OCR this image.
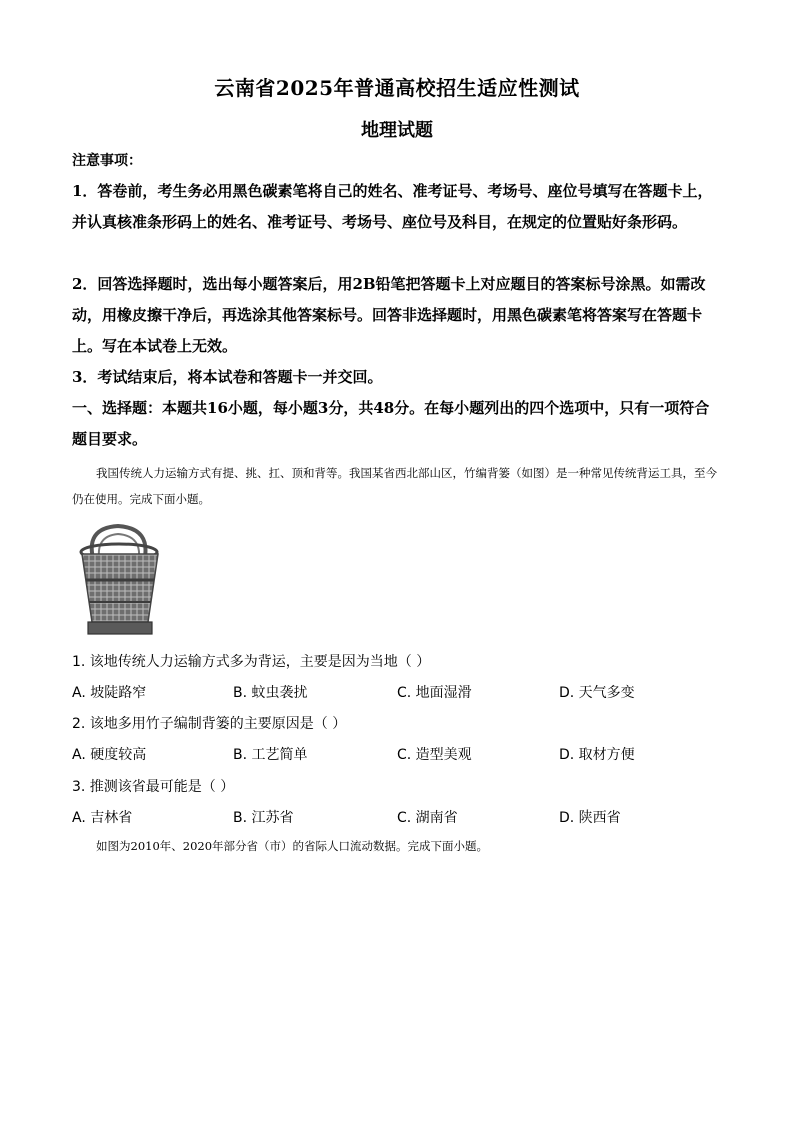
云南省2025年普通高校招生适应性测试
地理试题
注意事项：
1．答卷前，考生务必用黑色碳素笔将自己的姓名、准考证号、考场号、座位号填写在答题卡上，并认真核准条形码上的姓名、准考证号、考场号、座位号及科目，在规定的位置贴好条形码。
2．回答选择题时，选出每小题答案后，用2B铅笔把答题卡上对应题目的答案标号涂黑。如需改动，用橡皮擦干净后，再选涂其他答案标号。回答非选择题时，用黑色碳素笔将答案写在答题卡上。写在本试卷上无效。
3．考试结束后，将本试卷和答题卡一并交回。
一、选择题：本题共16小题，每小题3分，共48分。在每小题列出的四个选项中，只有一项符合题目要求。
我国传统人力运输方式有提、挑、扛、顶和背等。我国某省西北部山区，竹编背篓（如图）是一种常见传统背运工具，至今仍在使用。完成下面小题。
1. 该地传统人力运输方式多为背运，主要是因为当地（ ）
A. 坡陡路窄	B. 蚊虫袭扰	C. 地面湿滑	D. 天气多变
2. 该地多用竹子编制背篓的主要原因是（ ）
A. 硬度较高	B. 工艺简单	C. 造型美观	D. 取材方便
3. 推测该省最可能是（ ）
A. 吉林省	B. 江苏省	C. 湖南省	D. 陕西省
如图为2010年、2020年部分省（市）的省际人口流动数据。完成下面小题。
